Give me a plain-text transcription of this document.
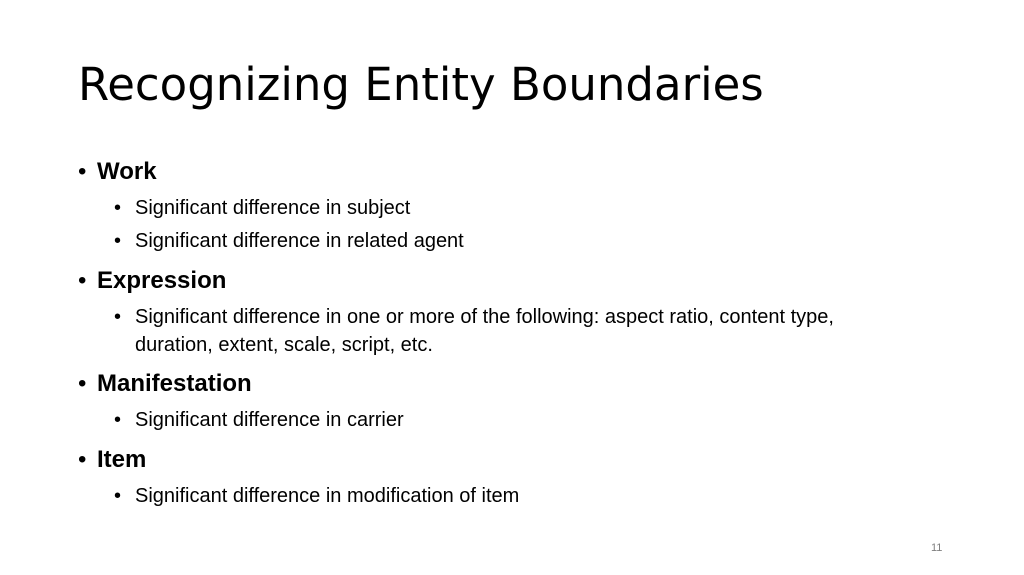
Recognizing Entity Boundaries
• Work
• Significant difference in subject
• Significant difference in related agent
• Expression
• Significant difference in one or more of the following: aspect ratio, content type, duration, extent, scale, script, etc.
• Manifestation
• Significant difference in carrier
• Item
• Significant difference in modification of item
11
